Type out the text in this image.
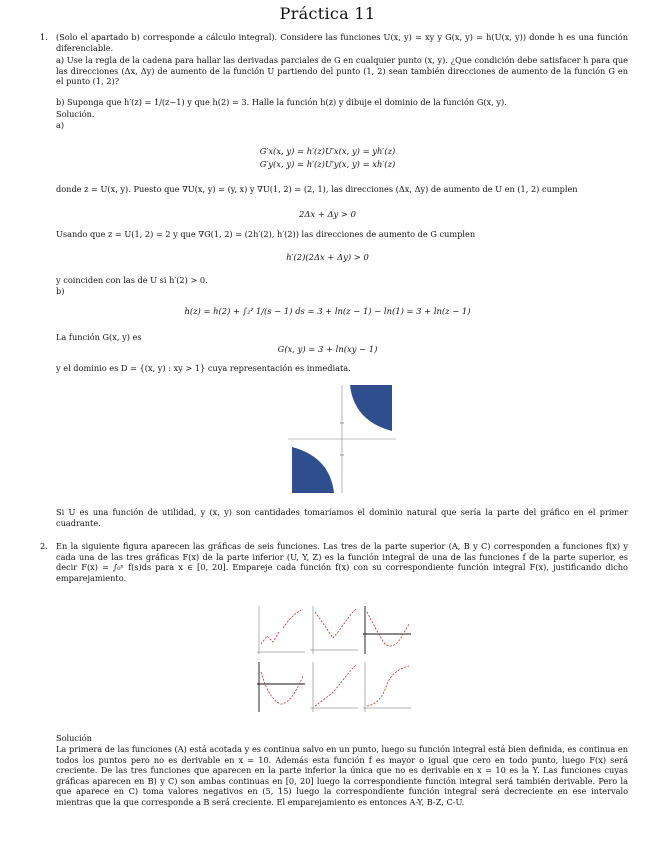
Práctica 11
1. (Solo el apartado b) corresponde a cálculo integral). Considere las funciones U(x, y) = xy y G(x, y) = h(U(x, y)) donde h es una función diferenciable.
a) Use la regla de la cadena para hallar las derivadas parciales de G en cualquier punto (x, y). ¿Que condición debe satisfacer h para que las direcciones (Δx, Δy) de aumento de la función U partiendo del punto (1, 2) sean también direcciones de aumento de la función G en el punto (1, 2)?
b) Suponga que h′(z) = 1/(z−1) y que h(2) = 3. Halle la función h(z) y dibuje el dominio de la función G(x, y).
Solución.
a)
G′x(x, y) = h′(z)U′x(x, y) = yh′(z)
G′y(x, y) = h′(z)U′y(x, y) = xh′(z)
donde z = U(x, y). Puesto que ∇U(x, y) = (y, x) y ∇U(1, 2) = (2, 1), las direcciones (Δx, Δy) de aumento de U en (1, 2) cumplen
2Δx + Δy > 0
Usando que z = U(1, 2) = 2 y que ∇G(1, 2) = (2h′(2), h′(2)) las direcciones de aumento de G cumplen
h′(2)(2Δx + Δy) > 0
y coinciden con las de U si h′(2) > 0.
b)
h(z) = h(2) + ∫₂ᶻ 1/(s − 1) ds = 3 + ln(z − 1) − ln(1) = 3 + ln(z − 1)
La función G(x, y) es
G(x, y) = 3 + ln(xy − 1)
y el dominio es D = {(x, y) : xy > 1} cuya representación es inmediata.
Si U es una función de utilidad, y (x, y) son cantidades tomaríamos el dominio natural que sería la parte del gráfico en el primer cuadrante.
2. En la siguiente figura aparecen las gráficas de seis funciones. Las tres de la parte superior (A, B y C) corresponden a funciones f(x) y cada una de las tres gráficas F(x) de la parte inferior (U, Y, Z) es la función integral de una de las funciones f de la parte superior, es decir F(x) = ∫₀ˣ f(s)ds para x ∈ [0, 20]. Empareje cada función f(x) con su correspondiente función integral F(x), justificando dicho emparejamiento.
Solución
La primera de las funciones (A) está acotada y es continua salvo en un punto, luego su función integral está bien definida, es continua en todos los puntos pero no es derivable en x = 10. Además esta función f es mayor o igual que cero en todo punto, luego F(x) será creciente. De las tres funciones que aparecen en la parte inferior la única que no es derivable en x = 10 es la Y. Las funciones cuyas gráficas aparecen en B) y C) son ambas continuas en [0, 20] luego la correspondiente función integral será también derivable. Pero la que aparece en C) toma valores negativos en (5, 15) luego la correspondiente función integral será decreciente en ese intervalo mientras que la que corresponde a B será creciente. El emparejamiento es entonces A-Y, B-Z, C-U.
